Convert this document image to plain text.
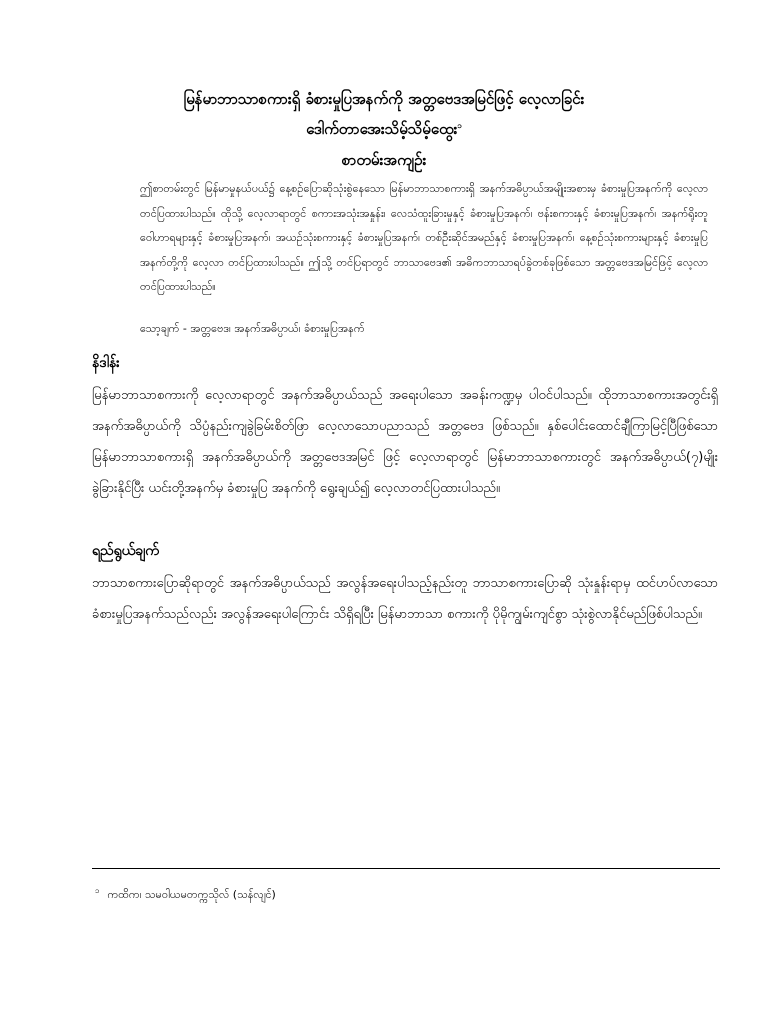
မြန်မာဘာသာစကားရှိ ခံစားမှုပြအနက်ကို အတ္တဗေဒအမြင်ဖြင့် လေ့လာခြင်း
ဒေါက်တာအေးသိမ့်သိမ့်ထွေး$^၁$
စာတမ်းအကျဉ်း

ဤစာတမ်းတွင် မြန်မာမှုနယ်ပယ်၌ နေ့စဉ်ပြောဆိုသုံးစွဲနေသော မြန်မာဘာသာစကားရှိ အနက်အဓိပ္ပာယ်အမျိုးအစားမှ ခံစားမှုပြအနက်ကို လေ့လာတင်ပြထားပါသည်။ ထိုသို့ လေ့လာရာတွင် စကားအသုံးအနှုန်း၊ လေသံထူးခြားမှုနှင့် ခံစားမှုပြအနက်၊ ဗန်းစကားနှင့် ခံစားမှုပြအနက်၊ အနက်ရိုးတူ ဝေါဟာရများနှင့် ခံစားမှုပြအနက်၊ အယဉ်သုံးစကားနှင့် ခံစားမှုပြအနက်၊ တစ်ဦးဆိုင်အမည်နှင့် ခံစားမှုပြအနက်၊ နေ့စဉ်သုံးစကားများနှင့် ခံစားမှုပြအနက်တို့ကို လေ့လာ တင်ပြထားပါသည်။ ဤသို့ တင်ပြရာတွင် ဘာသာဗေဒ၏ အဓိကဘာသာရပ်ခွဲတစ်ခုဖြစ်သော အတ္တဗေဒအမြင်ဖြင့် လေ့လာတင်ပြထားပါသည်။

သော့ချက် - အတ္တဗေဒ၊ အနက်အဓိပ္ပာယ်၊ ခံစားမှုပြအနက်

နိဒါန်း

မြန်မာဘာသာစကားကို လေ့လာရာတွင် အနက်အဓိပ္ပာယ်သည် အရေးပါသော အခန်းကဏ္ဍမှ ပါဝင်ပါသည်။ ထိုဘာသာစကားအတွင်းရှိ အနက်အဓိပ္ပာယ်ကို သိပ္ပံနည်းကျခွဲခြမ်းစိတ်ဖြာ လေ့လာသောပညာသည် အတ္တဗေဒ ဖြစ်သည်။ နှစ်ပေါင်းထောင်ချီကြာမြင့်ပြီဖြစ်သော မြန်မာဘာသာစကားရှိ အနက်အဓိပ္ပာယ်ကို အတ္တဗေဒအမြင် ဖြင့် လေ့လာရာတွင် မြန်မာဘာသာစကားတွင် အနက်အဓိပ္ပာယ်(၇)မျိုး ခွဲခြားနိုင်ပြီး ယင်းတို့အနက်မှ ခံစားမှုပြ အနက်ကို ရွေးချယ်၍ လေ့လာတင်ပြထားပါသည်။

ရည်ရွယ်ချက်

ဘာသာစကားပြောဆိုရာတွင် အနက်အဓိပ္ပာယ်သည် အလွန်အရေးပါသည့်နည်းတူ ဘာသာစကားပြောဆို သုံးနှုန်းရာမှ ထင်ဟပ်လာသော ခံစားမှုပြအနက်သည်လည်း အလွန်အရေးပါကြောင်း သိရှိရပြီး မြန်မာဘာသာ စကားကို ပိုမိုကျွမ်းကျင်စွာ သုံးစွဲလာနိုင်မည်ဖြစ်ပါသည်။

$^၁$ ကထိက၊ သမဝါယမတက္ကသိုလ် (သန်လျင်)
